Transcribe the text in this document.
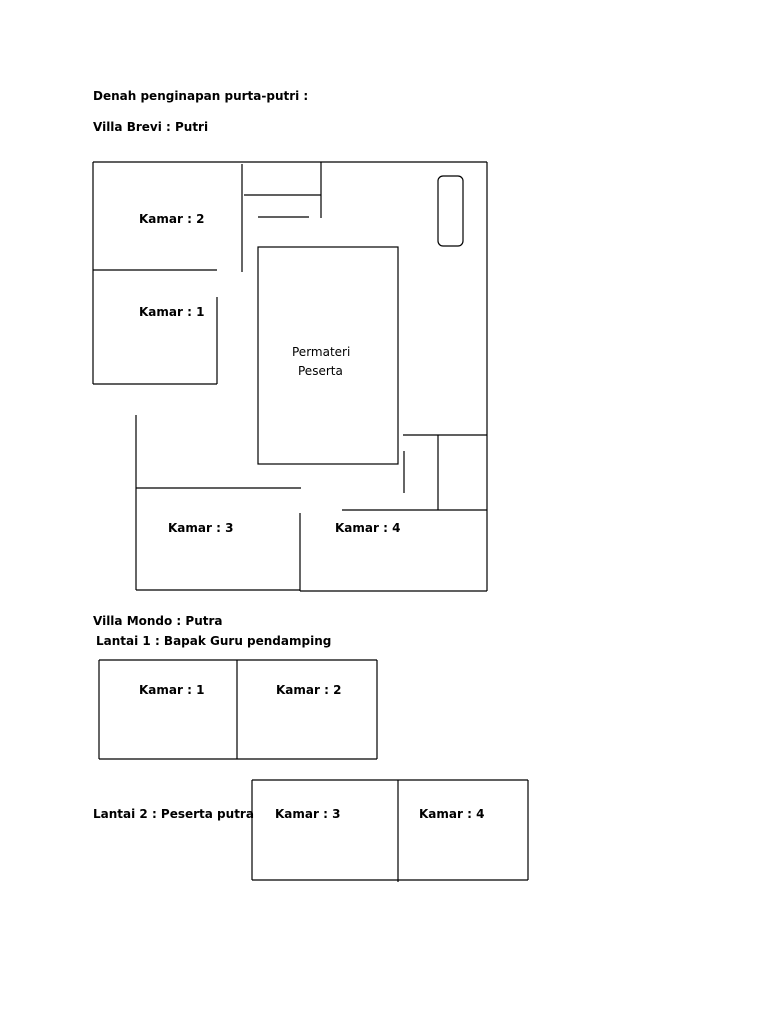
Denah penginapan purta-putri :
Villa Brevi : Putri
Kamar : 2
Kamar : 1
Permateri
Peserta
Kamar : 3	Kamar : 4
Villa Mondo : Putra
Lantai 1 : Bapak Guru pendamping
Kamar : 1	Kamar : 2
Lantai 2 : Peserta putra Kamar : 3	Kamar : 4
